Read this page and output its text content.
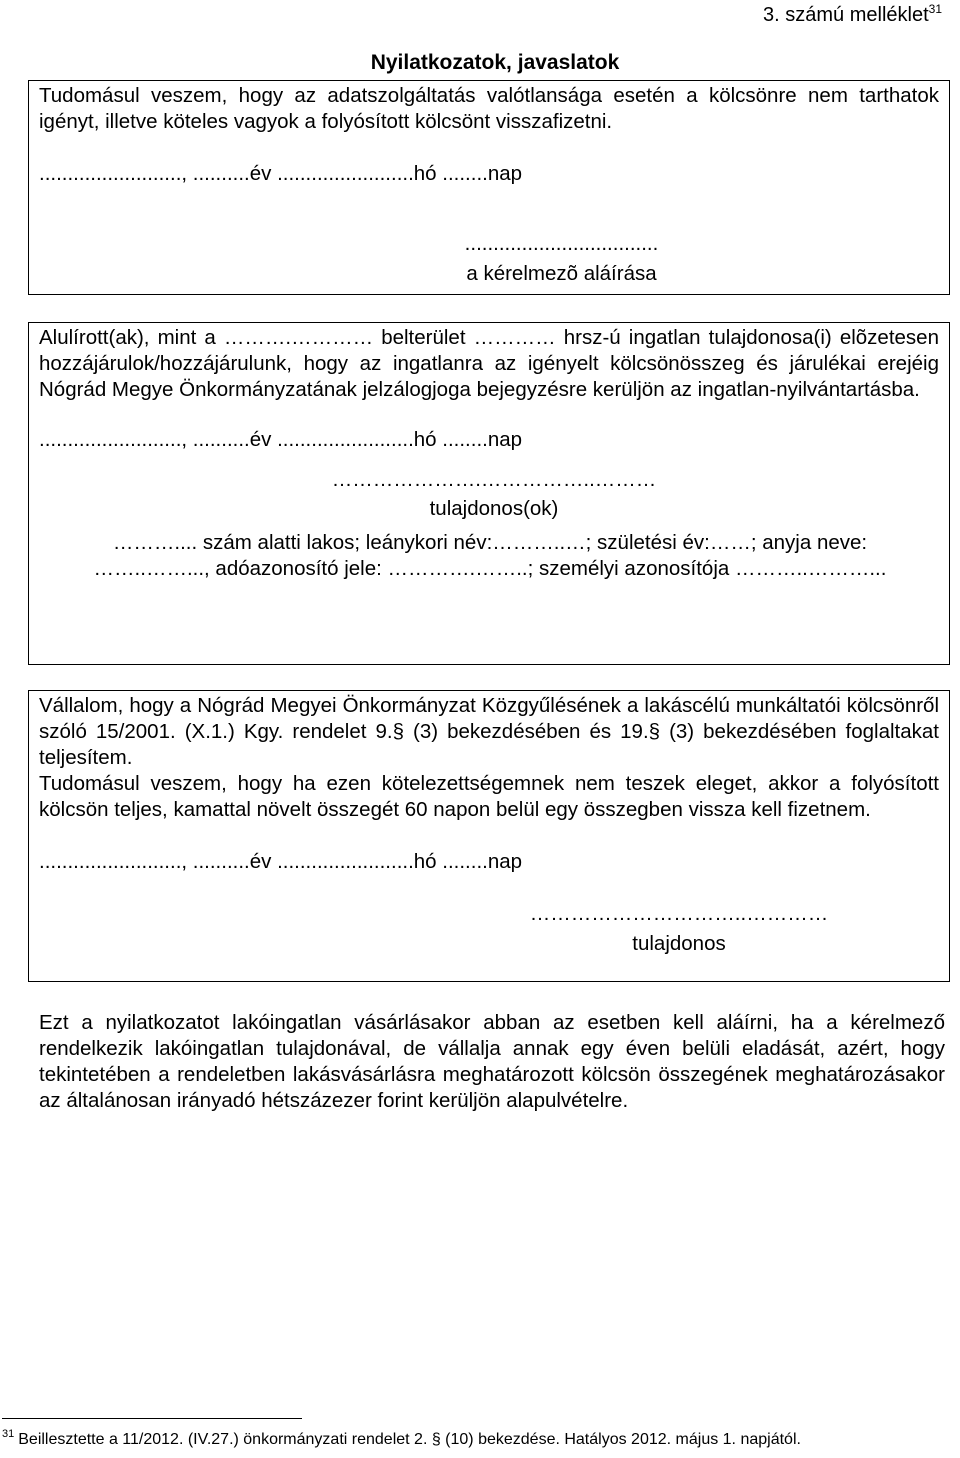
3. számú melléklet$^{31}$
Nyilatkozatok, javaslatok

Tudomásul veszem, hogy az adatszolgáltatás valótlansága esetén a kölcsönre nem tarthatok igényt, illetve köteles vagyok a folyósított kölcsönt visszafizetni.

........................., ..........év ........................hó ........nap

..................................

a kérelmezõ aláírása

Alulírott(ak), mint a ……….………… belterület ………… hrsz-ú ingatlan tulajdonosa(i) elõzetesen hozzájárulok/hozzájárulunk, hogy az ingatlanra az igényelt kölcsönösszeg és járulékai erejéig Nógrád Megye Önkormányzatának jelzálogjoga bejegyzésre kerüljön az ingatlan-nyilvántartásba.

........................., ..........év ........................hó ........nap

………………….……………..………

tulajdonos(ok)

……….... szám alatti lakos; leánykori név:………..…; születési év:……; anyja neve: ……..……..., adóazonosító jele: ………….……..; személyi azonosítója ………..………...

Vállalom, hogy a Nógrád Megyei Önkormányzat Közgyűlésének a lakáscélú munkáltatói kölcsönről szóló 15/2001. (X.1.) Kgy. rendelet 9.§ (3) bekezdésében és 19.§ (3) bekezdésében foglaltakat teljesítem.

Tudomásul veszem, hogy ha ezen kötelezettségemnek nem teszek eleget, akkor a folyósított kölcsön teljes, kamattal növelt összegét 60 napon belül egy összegben vissza kell fizetnem.

........................., ..........év ........................hó ........nap

…………………………..…………

tulajdonos

Ezt a nyilatkozatot lakóingatlan vásárlásakor abban az esetben kell aláírni, ha a kérelmező rendelkezik lakóingatlan tulajdonával, de vállalja annak egy éven belüli eladását, azért, hogy tekintetében a rendeletben lakásvásárlásra meghatározott kölcsön összegének meghatározásakor az általánosan irányadó hétszázezer forint kerüljön alapulvételre.

$^{31}$ Beillesztette a 11/2012. (IV.27.) önkormányzati rendelet 2. § (10) bekezdése. Hatályos 2012. május 1. napjától.
